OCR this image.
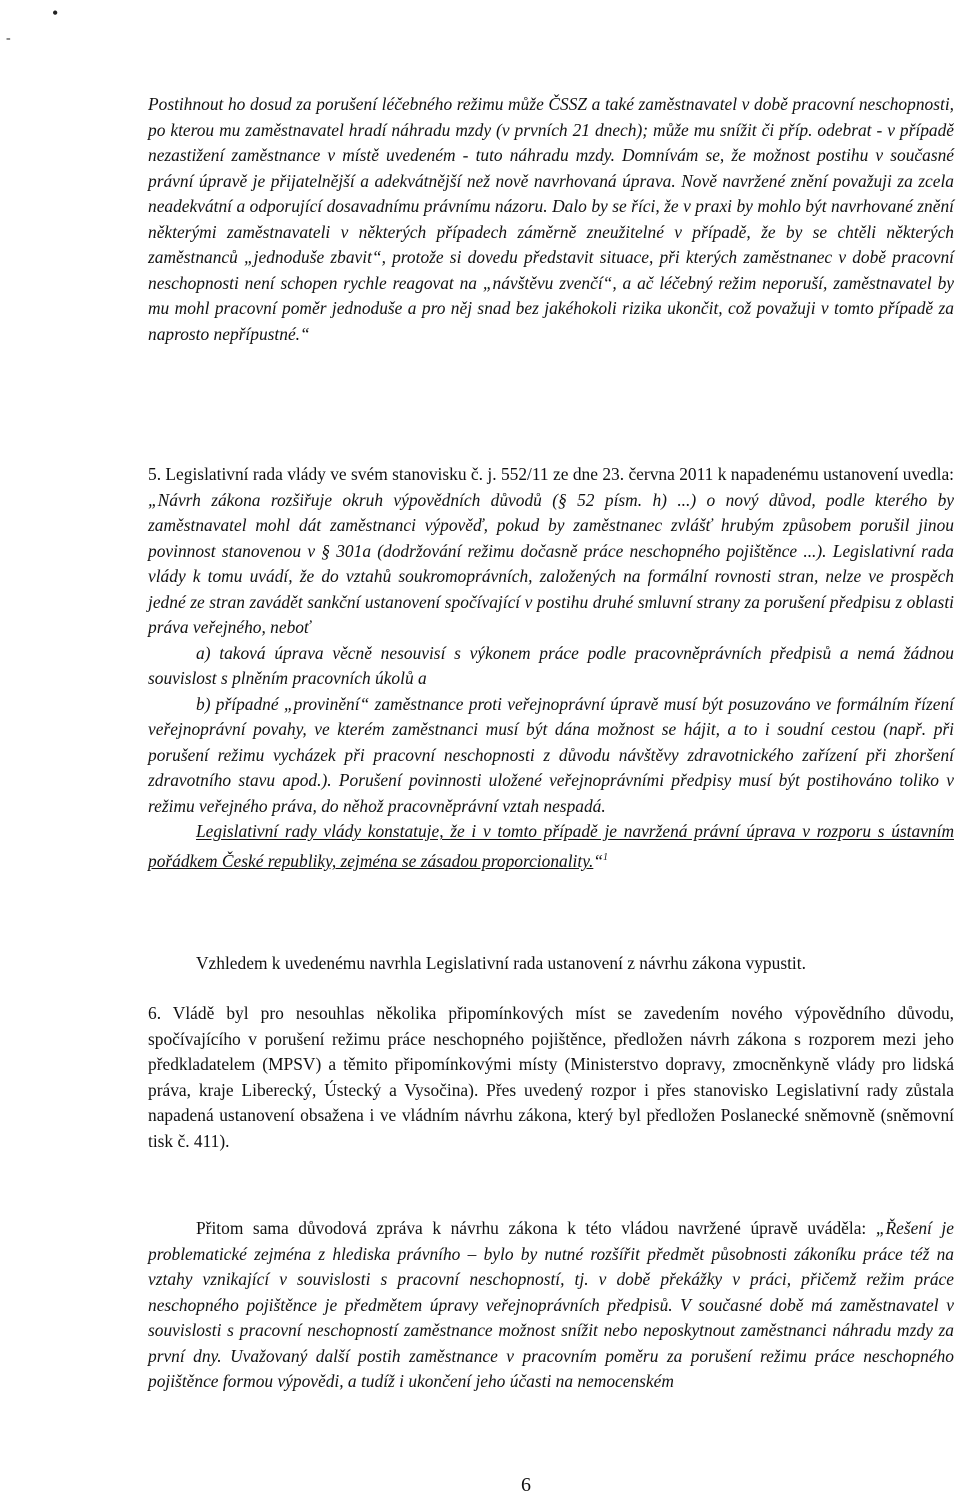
•
-

Postihnout ho dosud za porušení léčebného režimu může ČSSZ a také zaměstnavatel v době pracovní neschopnosti, po kterou mu zaměstnavatel hradí náhradu mzdy (v prvních 21 dnech); může mu snížit či příp. odebrat - v případě nezastižení zaměstnance v místě uvedeném - tuto náhradu mzdy. Domnívám se, že možnost postihu v současné právní úpravě je přijatelnější a adekvátnější než nově navrhovaná úprava. Nově navržené znění považuji za zcela neadekvátní a odporující dosavadnímu právnímu názoru. Dalo by se říci, že v praxi by mohlo být navrhované znění některými zaměstnavateli v některých případech záměrně zneužitelné v případě, že by se chtěli některých zaměstnanců „jednoduše zbavit“, protože si dovedu představit situace, při kterých zaměstnanec v době pracovní neschopnosti není schopen rychle reagovat na „návštěvu zvenčí“, a ač léčebný režim neporuší, zaměstnavatel by mu mohl pracovní poměr jednoduše a pro něj snad bez jakéhokoli rizika ukončit, což považuji v tomto případě za naprosto nepřípustné.“

5. Legislativní rada vlády ve svém stanovisku č. j. 552/11 ze dne 23. června 2011 k napadenému ustanovení uvedla: „Návrh zákona rozšiřuje okruh výpovědních důvodů (§ 52 písm. h) ...) o nový důvod, podle kterého by zaměstnavatel mohl dát zaměstnanci výpověď, pokud by zaměstnanec zvlášť hrubým způsobem porušil jinou povinnost stanovenou v § 301a (dodržování režimu dočasně práce neschopného pojištěnce ...). Legislativní rada vlády k tomu uvádí, že do vztahů soukromoprávních, založených na formální rovnosti stran, nelze ve prospěch jedné ze stran zavádět sankční ustanovení spočívající v postihu druhé smluvní strany za porušení předpisu z oblasti práva veřejného, neboť
a) taková úprava věcně nesouvisí s výkonem práce podle pracovněprávních předpisů a nemá žádnou souvislost s plněním pracovních úkolů a
b) případné „provinění“ zaměstnance proti veřejnoprávní úpravě musí být posuzováno ve formálním řízení veřejnoprávní povahy, ve kterém zaměstnanci musí být dána možnost se hájit, a to i soudní cestou (např. při porušení režimu vycházek při pracovní neschopnosti z důvodu návštěvy zdravotnického zařízení při zhoršení zdravotního stavu apod.). Porušení povinnosti uložené veřejnoprávními předpisy musí být postihováno toliko v režimu veřejného práva, do něhož pracovněprávní vztah nespadá.
Legislativní rady vlády konstatuje, že i v tomto případě je navržená právní úprava v rozporu s ústavním pořádkem České republiky, zejména se zásadou proporcionality.“$^1$

Vzhledem k uvedenému navrhla Legislativní rada ustanovení z návrhu zákona vypustit.

6. Vládě byl pro nesouhlas několika připomínkových míst se zavedením nového výpovědního důvodu, spočívajícího v porušení režimu práce neschopného pojištěnce, předložen návrh zákona s rozporem mezi jeho předkladatelem (MPSV) a těmito připomínkovými místy (Ministerstvo dopravy, zmocněnkyně vlády pro lidská práva, kraje Liberecký, Ústecký a Vysočina). Přes uvedený rozpor i přes stanovisko Legislativní rady zůstala napadená ustanovení obsažena i ve vládním návrhu zákona, který byl předložen Poslanecké sněmovně (sněmovní tisk č. 411).

Přitom sama důvodová zpráva k návrhu zákona k této vládou navržené úpravě uváděla: „Řešení je problematické zejména z hlediska právního – bylo by nutné rozšířit předmět působnosti zákoníku práce též na vztahy vznikající v souvislosti s pracovní neschopností, tj. v době překážky v práci, přičemž režim práce neschopného pojištěnce je předmětem úpravy veřejnoprávních předpisů. V současné době má zaměstnavatel v souvislosti s pracovní neschopností zaměstnance možnost snížit nebo neposkytnout zaměstnanci náhradu mzdy za první dny. Uvažovaný další postih zaměstnance v pracovním poměru za porušení režimu práce neschopného pojištěnce formou výpovědi, a tudíž i ukončení jeho účasti na nemocenském
6
